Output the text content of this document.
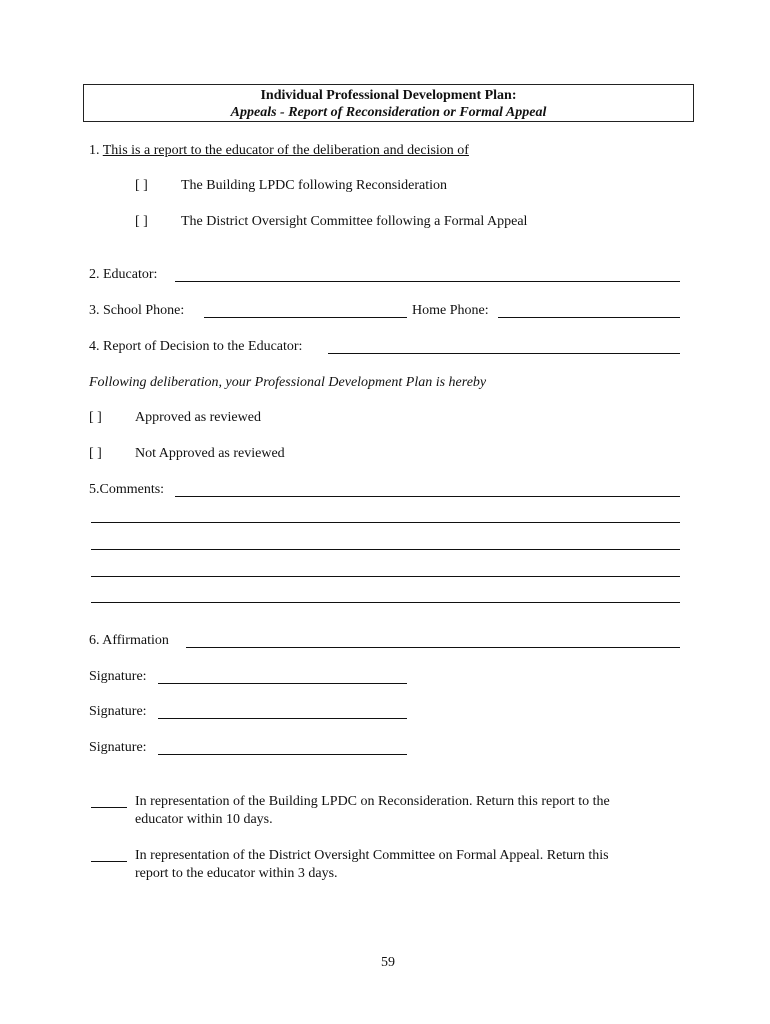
Individual Professional Development Plan:
Appeals - Report of Reconsideration or Formal Appeal
1. This is a report to the educator of the deliberation and decision of
[ ] The Building LPDC following Reconsideration
[ ] The District Oversight Committee following a Formal Appeal
2. Educator:
3. School Phone:	Home Phone:
4. Report of Decision to the Educator:
Following deliberation, your Professional Development Plan is hereby
[ ] Approved as reviewed
[ ] Not Approved as reviewed
5.Comments:
6. Affirmation
Signature:
Signature:
Signature:
In representation of the Building LPDC on Reconsideration. Return this report to the
educator within 10 days.
In representation of the District Oversight Committee on Formal Appeal. Return this
report to the educator within 3 days.
59
